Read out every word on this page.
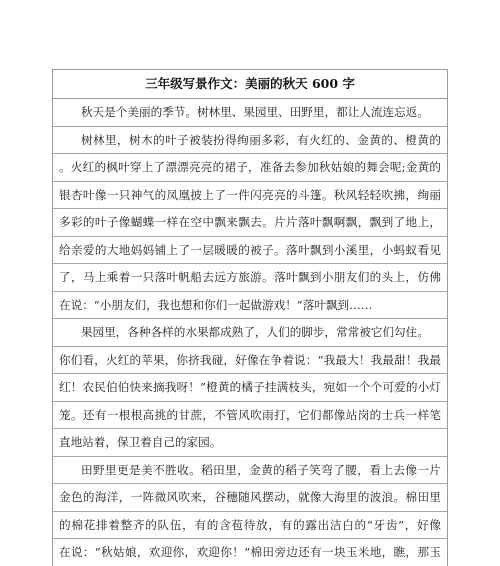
三年级写景作文：美丽的秋天 600 字
秋天是个美丽的季节。树林里、果园里、田野里，都让人流连忘返。
树林里，树木的叶子被装扮得绚丽多彩，有火红的、金黄的、橙黄的
。火红的枫叶穿上了漂漂亮亮的裙子，准备去参加秋姑娘的舞会呢;金黄的
银杏叶像一只神气的凤凰披上了一件闪亮亮的斗篷。秋风轻轻吹拂，绚丽
多彩的叶子像蝴蝶一样在空中飘来飘去。片片落叶飘啊飘，飘到了地上，
给亲爱的大地妈妈铺上了一层暖暖的被子。落叶飘到小溪里，小蚂蚁看见
了，马上乘着一只落叶帆船去远方旅游。落叶飘到小朋友们的头上，仿佛
在说：“小朋友们，我也想和你们一起做游戏！”落叶飘到……
果园里，各种各样的水果都成熟了，人们的脚步，常常被它们勾住。
你们看，火红的苹果，你挤我碰，好像在争着说：“我最大！我最甜！我最
红！农民伯伯快来摘我呀！”橙黄的橘子挂满枝头，宛如一个个可爱的小灯
笼。还有一根根高挑的甘蔗，不管风吹雨打，它们都像站岗的士兵一样笔
直地站着，保卫着自己的家园。
田野里更是美不胜收。稻田里，金黄的稻子笑弯了腰，看上去像一片
金色的海洋，一阵微风吹来，谷穗随风摆动，就像大海里的波浪。棉田里
的棉花排着整齐的队伍，有的含苞待放，有的露出洁白的“牙齿”，好像
在说：“秋姑娘，欢迎你，欢迎你！”棉田旁边还有一块玉米地，瞧，那玉
